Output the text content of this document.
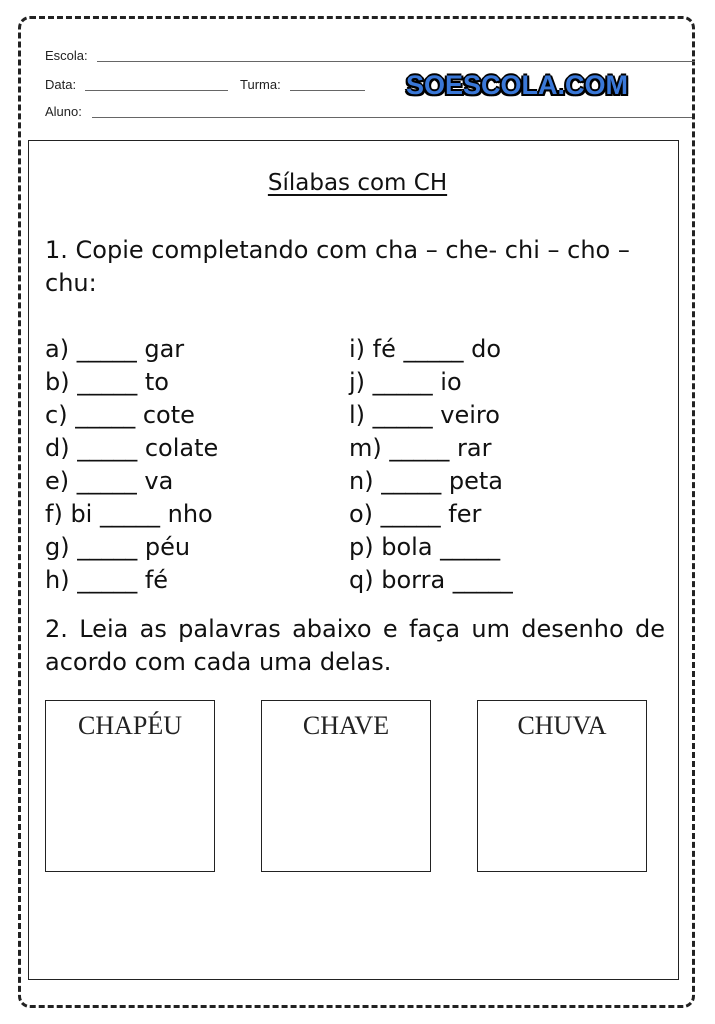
Escola:
Data:	Turma:
Aluno:
SOESCOLA.COM
Sílabas com CH
1. Copie completando com cha – che- chi – cho – chu:
a) _____ gar
b) _____ to
c) _____ cote
d) _____ colate
e) _____ va
f) bi _____ nho
g) _____ péu
h) _____ fé
i) fé _____ do
j) _____ io
l) _____ veiro
m) _____ rar
n) _____ peta
o) _____ fer
p) bola _____
q) borra _____
2. Leia as palavras abaixo e faça um desenho de acordo com cada uma delas.
CHAPÉU	CHAVE	CHUVA
